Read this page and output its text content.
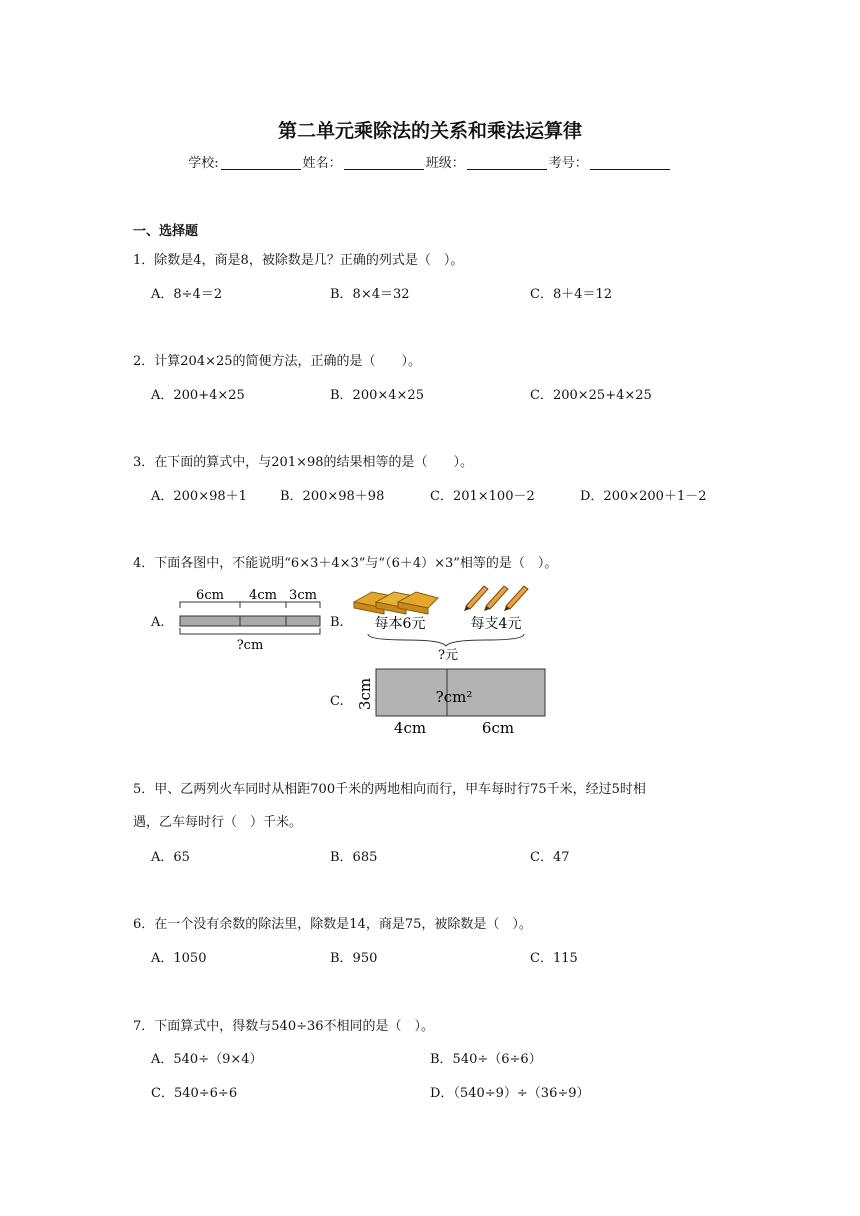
第二单元乘除法的关系和乘法运算律
学校:	姓名：	班级：	考号：
一、选择题
1．除数是4，商是8，被除数是几？正确的列式是（　）。
A．8÷4＝2	B．8×4＝32	C．8＋4＝12
2．计算204×25的简便方法，正确的是（　　）。
A．200+4×25	B．200×4×25	C．200×25+4×25
3．在下面的算式中，与201×98的结果相等的是（　　）。
A．200×98＋1	B．200×98＋98	C．201×100－2	D．200×200＋1－2
4．下面各图中，不能说明“6×3＋4×3”与“（6＋4）×3”相等的是（　）。
A.
6cm 4cm 3cm
?cm
B. 每本6元	每支4元
?元
C. 3cm	?cm²
4cm	6cm
5．甲、乙两列火车同时从相距700千米的两地相向而行，甲车每时行75千米，经过5时相
遇，乙车每时行（　）千米。
A．65	B．685	C．47
6．在一个没有余数的除法里，除数是14，商是75，被除数是（　）。
A．1050	B．950	C．115
7．下面算式中，得数与540÷36不相同的是（　）。
A．540÷（9×4）	B．540÷（6÷6）
C．540÷6÷6	D．（540÷9）÷（36÷9）
